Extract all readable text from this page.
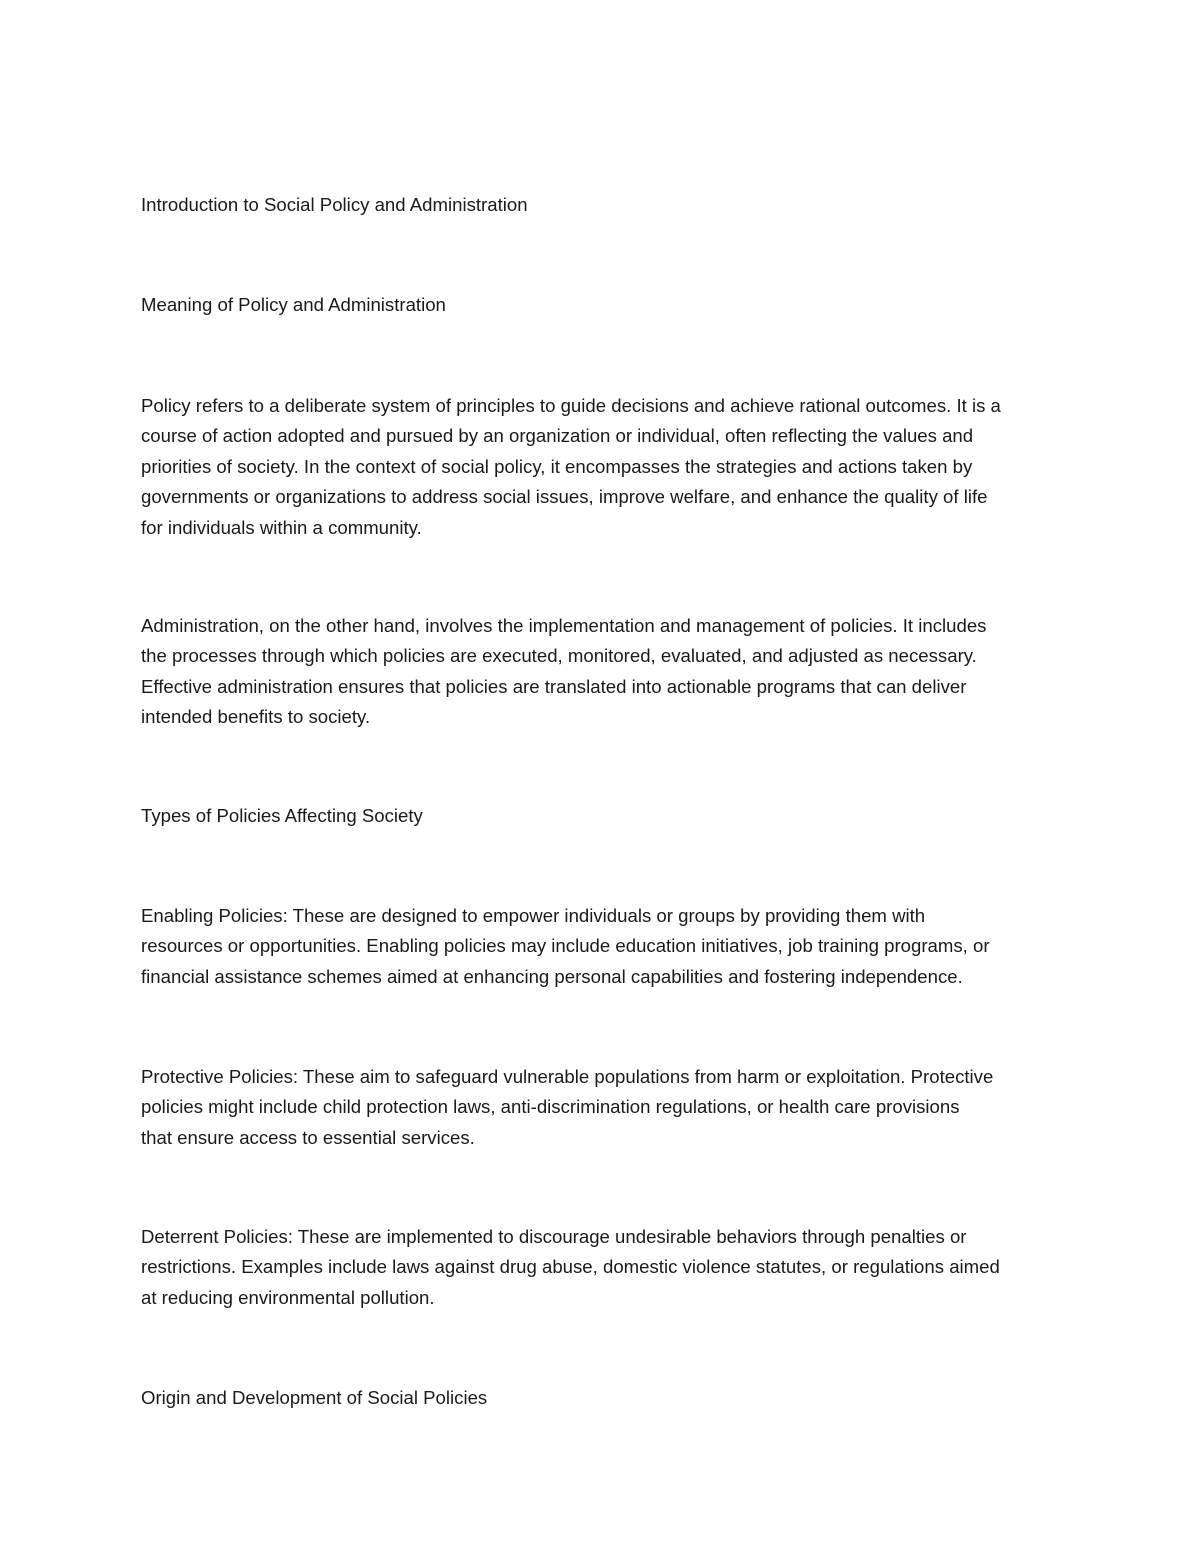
Introduction to Social Policy and Administration
Meaning of Policy and Administration
Policy refers to a deliberate system of principles to guide decisions and achieve rational outcomes. It is a
course of action adopted and pursued by an organization or individual, often reflecting the values and
priorities of society. In the context of social policy, it encompasses the strategies and actions taken by
governments or organizations to address social issues, improve welfare, and enhance the quality of life
for individuals within a community.
Administration, on the other hand, involves the implementation and management of policies. It includes
the processes through which policies are executed, monitored, evaluated, and adjusted as necessary.
Effective administration ensures that policies are translated into actionable programs that can deliver
intended benefits to society.
Types of Policies Affecting Society
Enabling Policies: These are designed to empower individuals or groups by providing them with
resources or opportunities. Enabling policies may include education initiatives, job training programs, or
financial assistance schemes aimed at enhancing personal capabilities and fostering independence.
Protective Policies: These aim to safeguard vulnerable populations from harm or exploitation. Protective
policies might include child protection laws, anti-discrimination regulations, or health care provisions
that ensure access to essential services.
Deterrent Policies: These are implemented to discourage undesirable behaviors through penalties or
restrictions. Examples include laws against drug abuse, domestic violence statutes, or regulations aimed
at reducing environmental pollution.
Origin and Development of Social Policies
